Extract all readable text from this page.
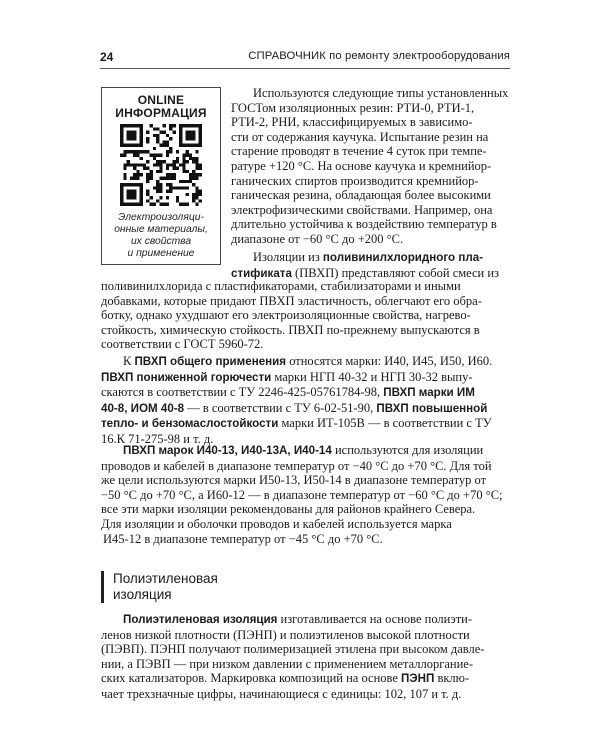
24	СПРАВОЧНИК по ремонту электрооборудования
ONLINE
ИНФОРМАЦИЯ
Электроизоляци-
онные материалы,
их свойства
и применение
Используются следующие типы установленных
ГОСТом изоляционных резин: РТИ-0, РТИ-1,
РТИ-2, РНИ, классифицируемых в зависимо-
сти от содержания каучука. Испытание резин на
старение проводят в течение 4 суток при темпе-
ратуре +120 °С. На основе каучука и кремнийор-
ганических спиртов производится кремнийор-
ганическая резина, обладающая более высокими
электрофизическими свойствами. Например, она
длительно устойчива к воздействию температур в
диапазоне от −60 °С до +200 °С.
Изоляции из поливинилхлоридного пла-
стификата (ПВХП) представляют собой смеси из
поливинилхлорида с пластификаторами, стабилизаторами и иными
добавками, которые придают ПВХП эластичность, облегчают его обра-
ботку, однако ухудшают его электроизоляционные свойства, нагрево-
стойкость, химическую стойкость. ПВХП по-прежнему выпускаются в
соответствии с ГОСТ 5960-72.
К ПВХП общего применения относятся марки: И40, И45, И50, И60.
ПВХП пониженной горючести марки НГП 40-32 и НГП 30-32 выпу-
скаются в соответствии с ТУ 2246-425-05761784-98, ПВХП марки ИМ
40-8, ИОМ 40-8 — в соответствии с ТУ 6-02-51-90, ПВХП повышенной
тепло- и бензомаслостойкости марки ИТ-105В — в соответствии с ТУ
16.К 71-275-98 и т. д.
ПВХП марок И40-13, И40-13А, И40-14 используются для изоляции
проводов и кабелей в диапазоне температур от −40 °С до +70 °С. Для той
же цели используются марки И50-13, И50-14 в диапазоне температур от
−50 °С до +70 °С, а И60-12 — в диапазоне температур от −60 °С до +70 °С;
все эти марки изоляции рекомендованы для районов крайнего Севера.
Для изоляции и оболочки проводов и кабелей используется марка
И45-12 в диапазоне температур от −45 °С до +70 °С.
Полиэтиленовая
изоляция
Полиэтиленовая изоляция изготавливается на основе полиэти-
ленов низкой плотности (ПЭНП) и полиэтиленов высокой плотности
(ПЭВП). ПЭНП получают полимеризацией этилена при высоком давле-
нии, а ПЭВП — при низком давлении с применением металлоргание-
ских катализаторов. Маркировка композиций на основе ПЭНП вклю-
чает трехзначные цифры, начинающиеся с единицы: 102, 107 и т. д.
